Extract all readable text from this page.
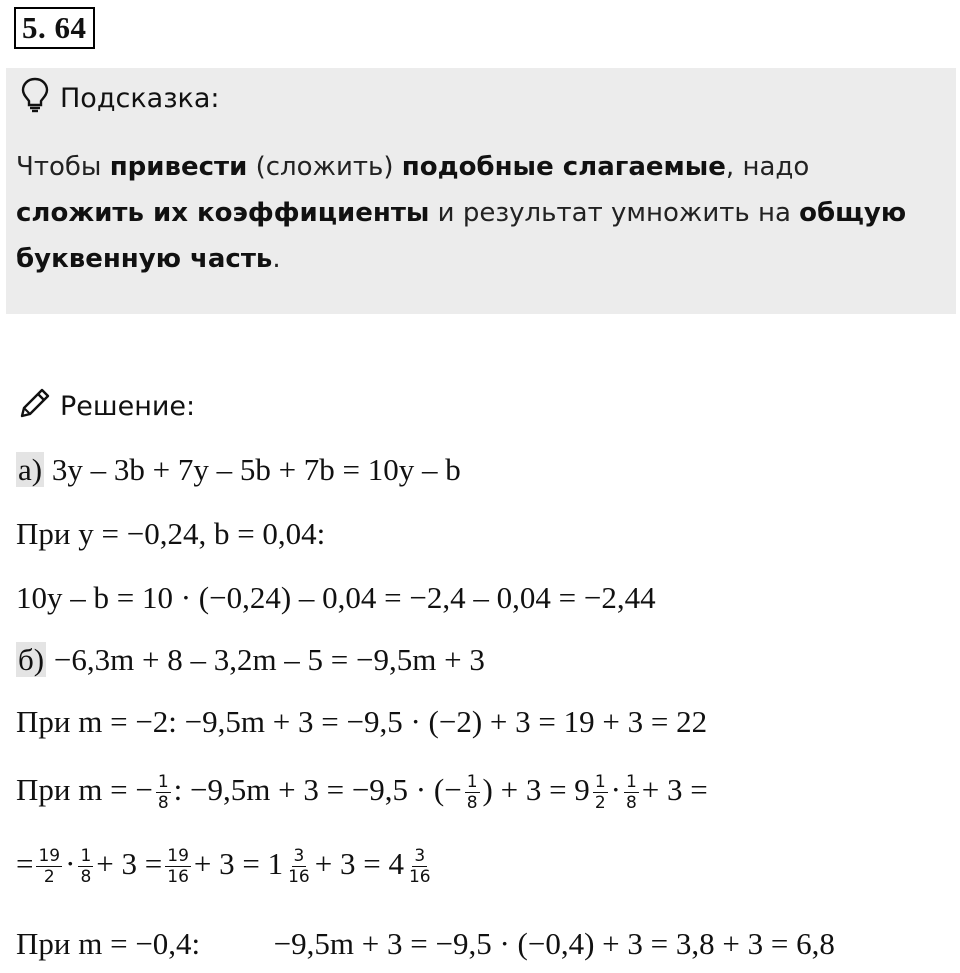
5. 64
Подсказка:
Чтобы привести (сложить) подобные слагаемые, надо
сложить их коэффициенты и результат умножить на общую буквенную часть.
Решение:
а) 3y – 3b + 7y – 5b + 7b = 10y – b
При y = −0,24, b = 0,04:
10y – b = 10 · (−0,24) – 0,04 = −2,4 – 0,04 = −2,44
б) −6,3m + 8 – 3,2m – 5 = −9,5m + 3
При m = −2: −9,5m + 3 = −9,5 · (−2) + 3 = 19 + 3 = 22
При m = − $\frac{1}{8}$ : −9,5m + 3 = −9,5 · (− $\frac{1}{8}$ ) + $3 = 9 \frac{1}{2} \cdot \frac{1}{8} + 3$ =
= $\frac{19}{2} \cdot \frac{1}{8} + 3 = \frac{19}{16} + 3 = 1 \frac{3}{16} + 3 = 4 \frac{3}{16}$
При m = −0,4: −9,5m + 3 = −9,5 · (−0,4) + 3 = 3,8 + 3 = 6,8
